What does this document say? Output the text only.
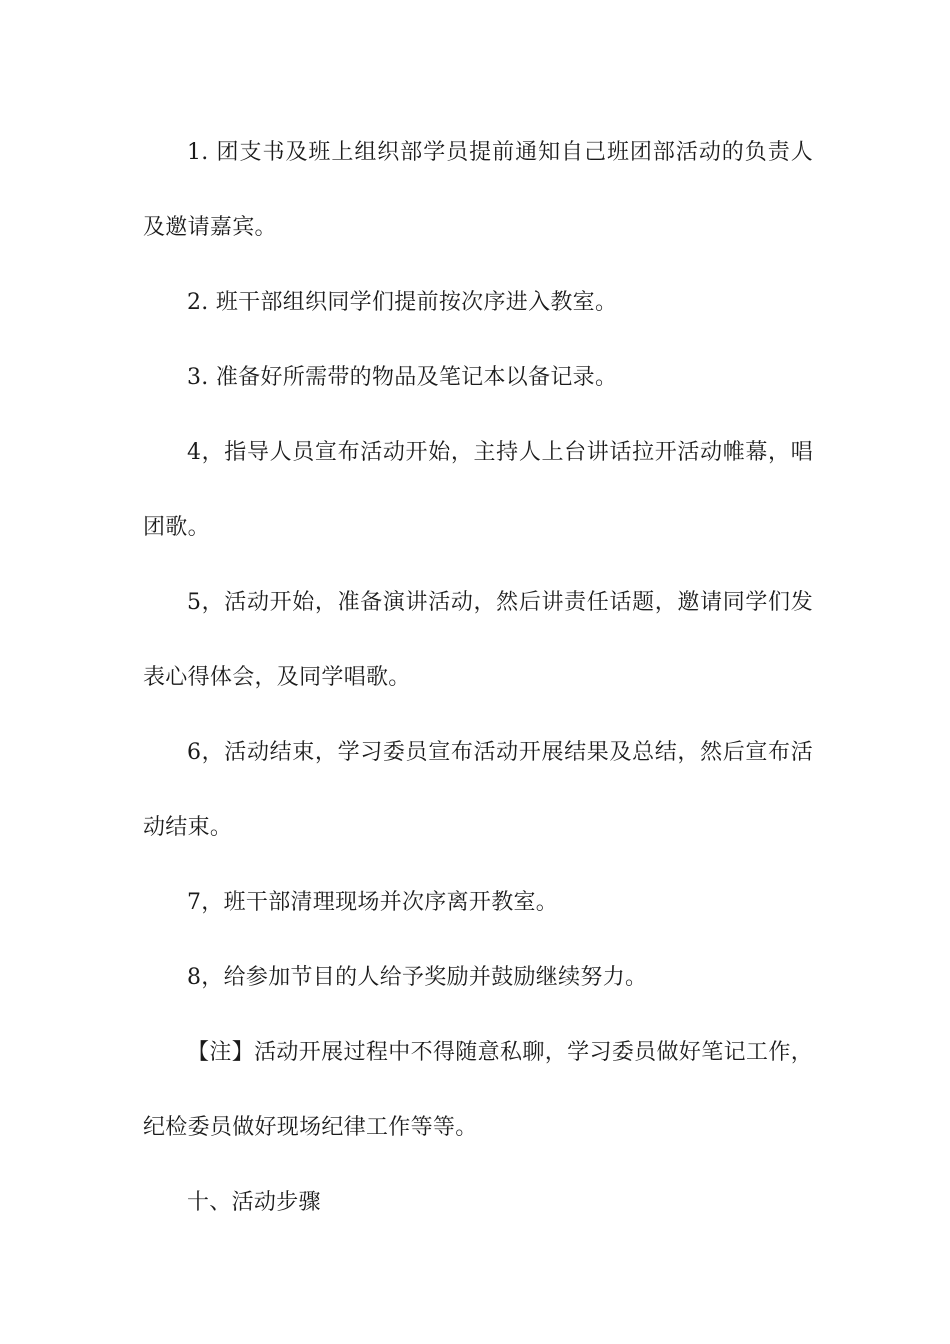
1. 团支书及班上组织部学员提前通知自己班团部活动的负责人及邀请嘉宾。

2. 班干部组织同学们提前按次序进入教室。

3. 准备好所需带的物品及笔记本以备记录。

4，指导人员宣布活动开始，主持人上台讲话拉开活动帷幕，唱团歌。

5，活动开始，准备演讲活动，然后讲责任话题，邀请同学们发表心得体会，及同学唱歌。

6，活动结束，学习委员宣布活动开展结果及总结，然后宣布活动结束。

7，班干部清理现场并次序离开教室。

8，给参加节目的人给予奖励并鼓励继续努力。

【注】活动开展过程中不得随意私聊，学习委员做好笔记工作，纪检委员做好现场纪律工作等等。

十、活动步骤
